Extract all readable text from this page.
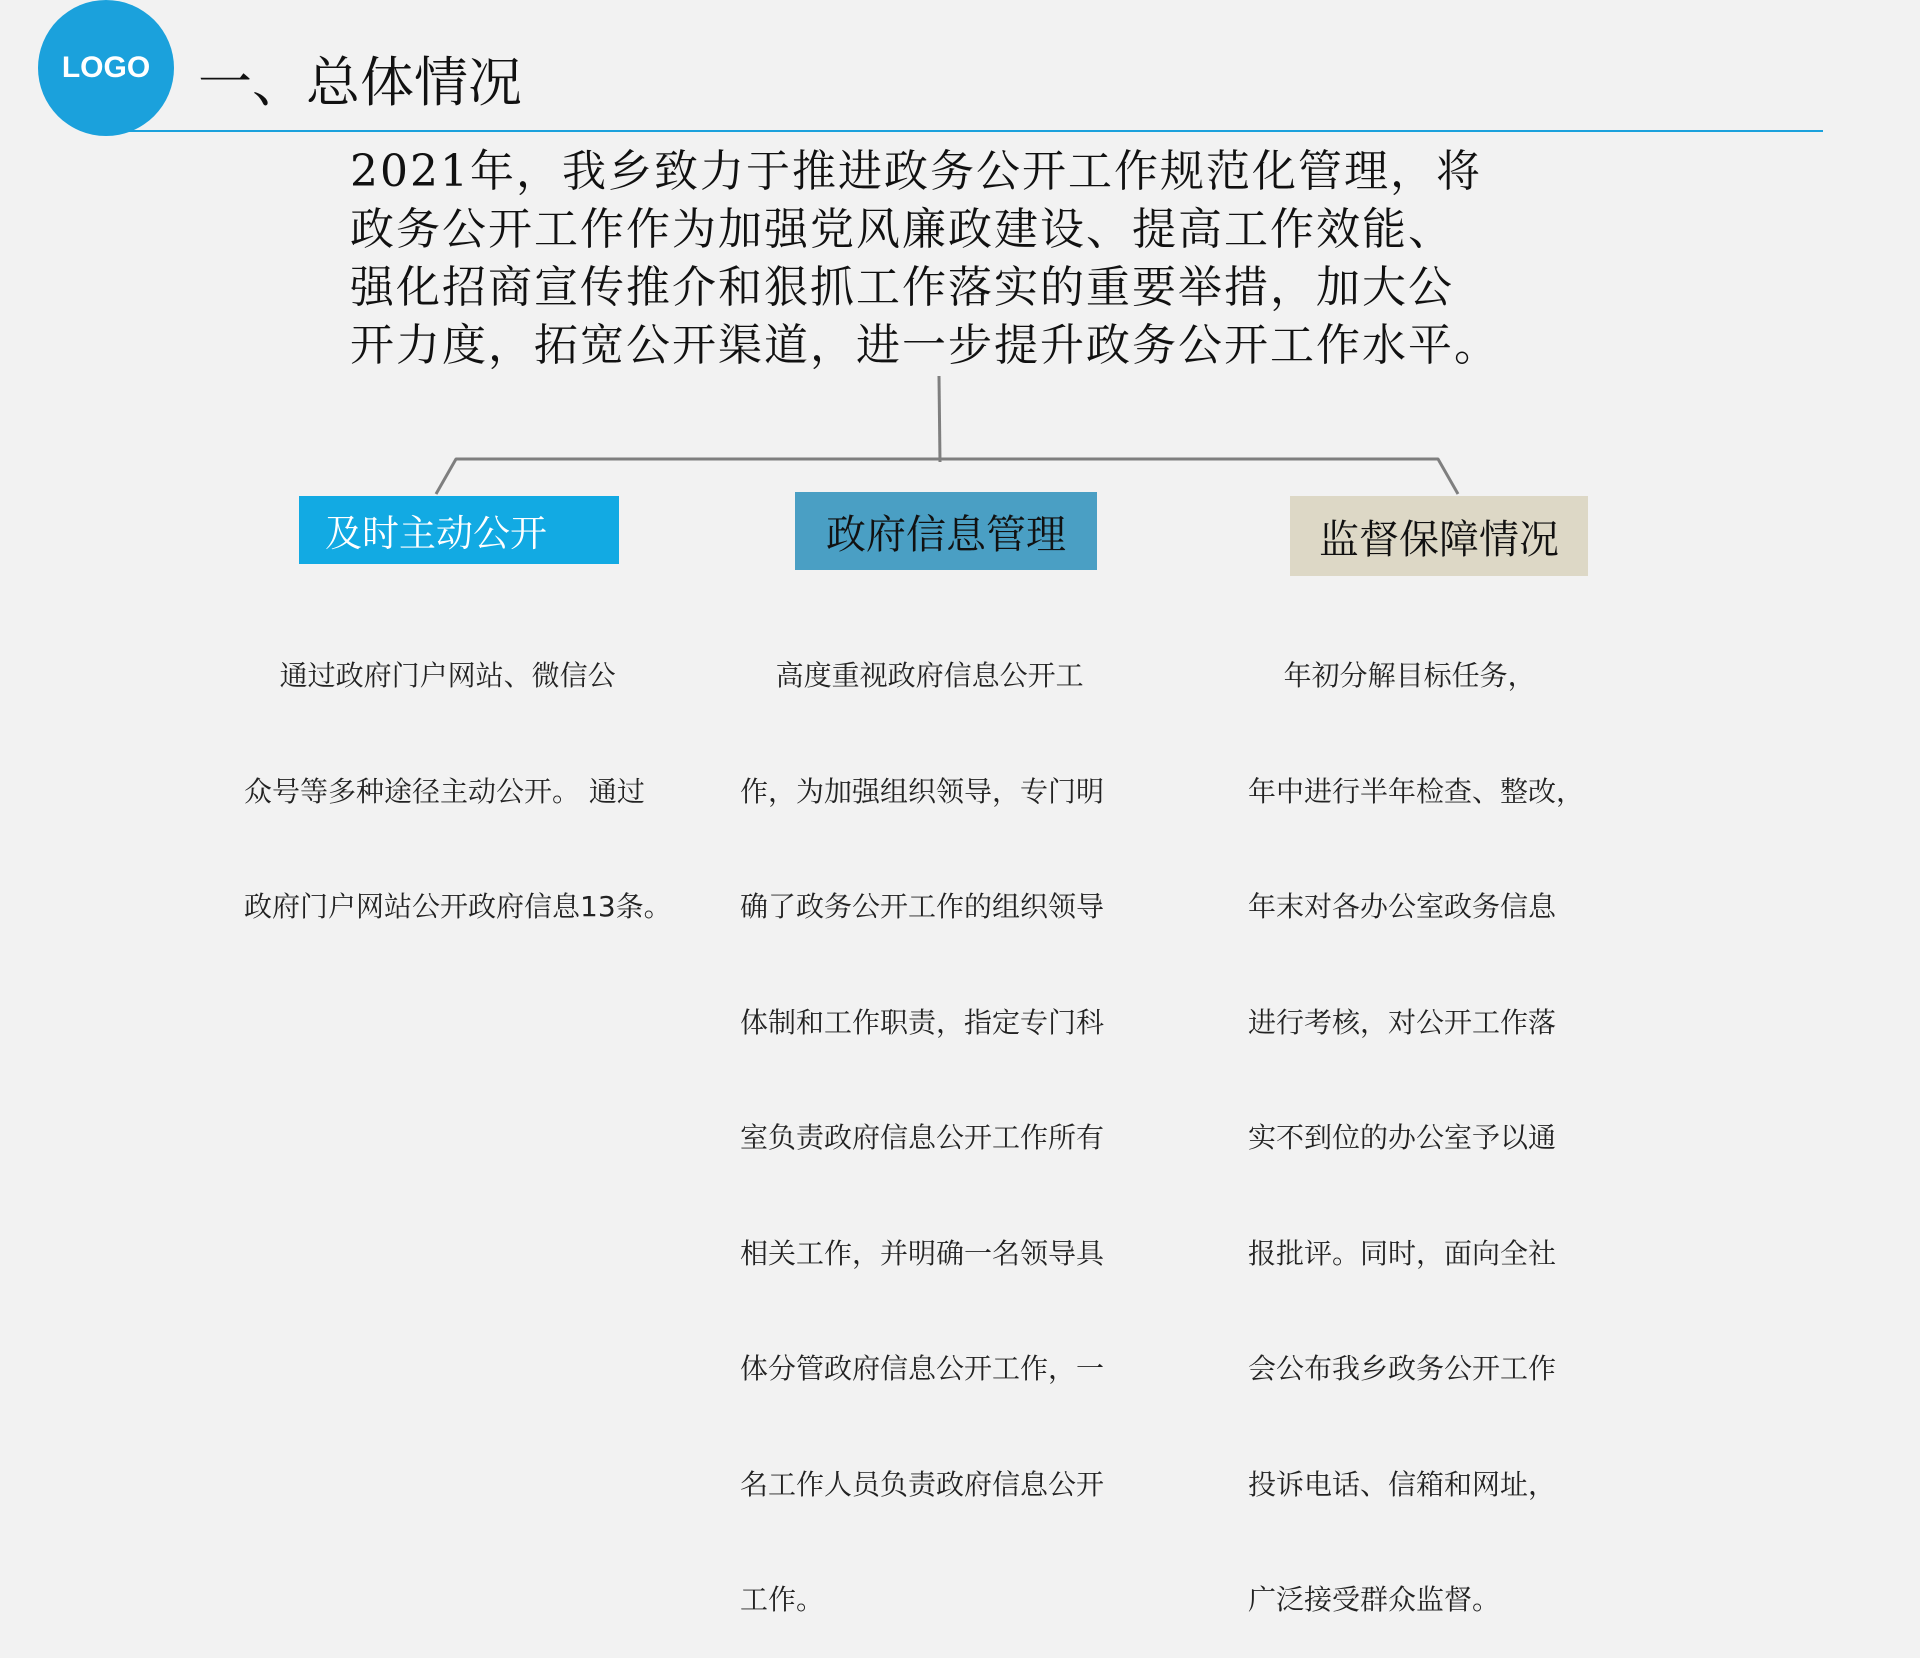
LOGO 一、总体情况
2021年，我乡致力于推进政务公开工作规范化管理，将
政务公开工作作为加强党风廉政建设、提高工作效能、
强化招商宣传推介和狠抓工作落实的重要举措，加大公
开力度，拓宽公开渠道，进一步提升政务公开工作水平。
及时主动公开	政府信息管理	监督保障情况

通过政府门户网站、微信公

众号等多种途径主动公开。 通过

政府门户网站公开政府信息13条。

高度重视政府信息公开工

作，为加强组织领导，专门明

确了政务公开工作的组织领导

体制和工作职责，指定专门科

室负责政府信息公开工作所有

相关工作，并明确一名领导具

体分管政府信息公开工作，一

名工作人员负责政府信息公开

工作。

年初分解目标任务，

年中进行半年检查、整改，

年末对各办公室政务信息

进行考核，对公开工作落

实不到位的办公室予以通

报批评。同时，面向全社

会公布我乡政务公开工作

投诉电话、信箱和网址，

广泛接受群众监督。
